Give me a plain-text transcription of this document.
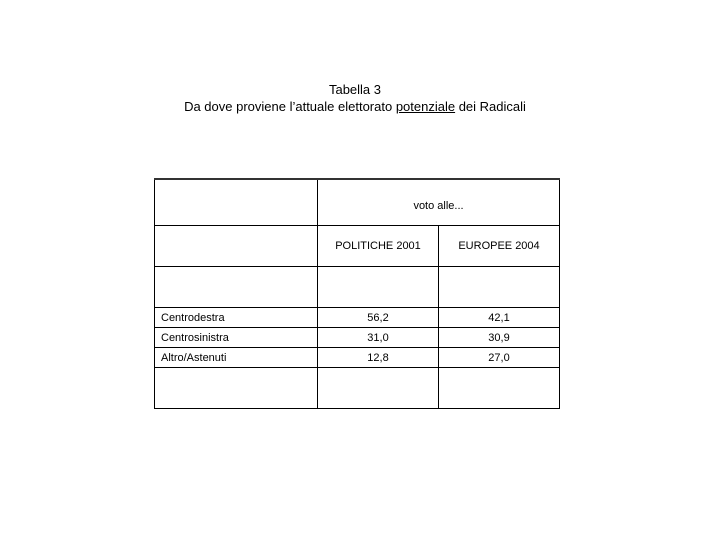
Tabella 3
Da dove proviene l’attuale elettorato potenziale dei Radicali
	voto alle...	
	POLITICHE 2001	EUROPEE 2004

Centrodestra	56,2	42,1
Centrosinistra	31,0	30,9
Altro/Astenuti	12,8	27,0
